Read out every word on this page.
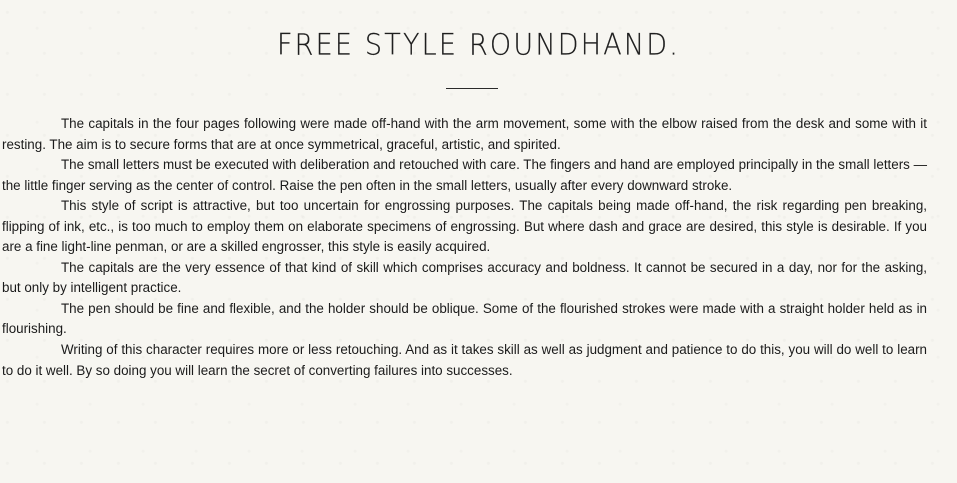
FREE STYLE ROUNDHAND.

The capitals in the four pages following were made off-hand with the arm movement, some with the elbow raised from the desk and some with it resting. The aim is to secure forms that are at once symmetrical, graceful, artistic, and spirited.

The small letters must be executed with deliberation and retouched with care. The fingers and hand are employed principally in the small letters — the little finger serving as the center of control. Raise the pen often in the small letters, usually after every downward stroke.

This style of script is attractive, but too uncertain for engrossing purposes. The capitals being made off-hand, the risk regarding pen breaking, flipping of ink, etc., is too much to employ them on elaborate specimens of engrossing. But where dash and grace are desired, this style is desirable. If you are a fine light-line penman, or are a skilled engrosser, this style is easily acquired.

The capitals are the very essence of that kind of skill which comprises accuracy and boldness. It cannot be secured in a day, nor for the asking, but only by intelligent practice.

The pen should be fine and flexible, and the holder should be oblique. Some of the flourished strokes were made with a straight holder held as in flourishing.

Writing of this character requires more or less retouching. And as it takes skill as well as judgment and patience to do this, you will do well to learn to do it well. By so doing you will learn the secret of converting failures into successes.
